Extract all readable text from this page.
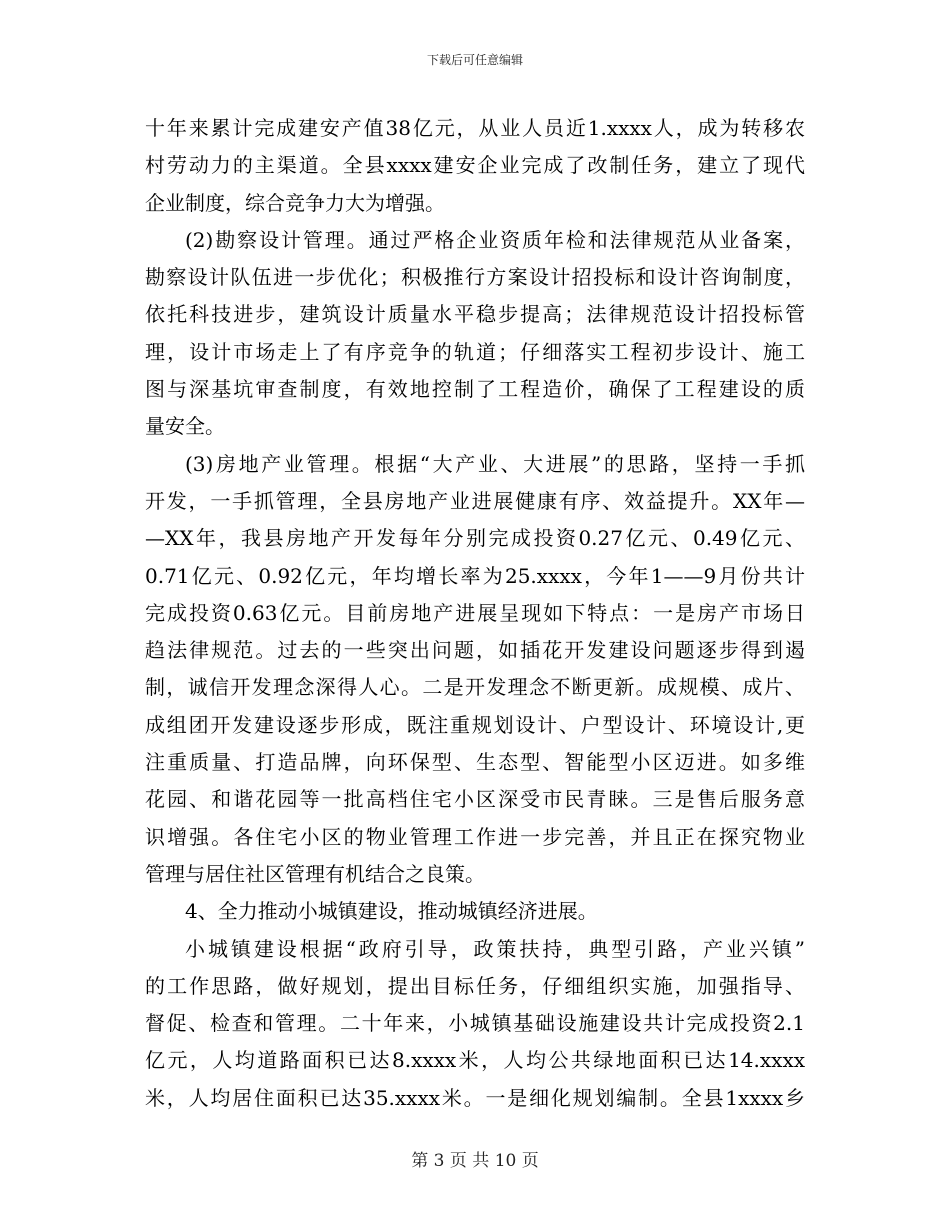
下载后可任意编辑
十年来累计完成建安产值38亿元，从业人员近1.xxxx人，成为转移农
村劳动力的主渠道。全县xxxx建安企业完成了改制任务，建立了现代
企业制度，综合竞争力大为增强。
(2)勘察设计管理。通过严格企业资质年检和法律规范从业备案，
勘察设计队伍进一步优化；积极推行方案设计招投标和设计咨询制度，
依托科技进步，建筑设计质量水平稳步提高；法律规范设计招投标管
理，设计市场走上了有序竞争的轨道；仔细落实工程初步设计、施工
图与深基坑审查制度，有效地控制了工程造价，确保了工程建设的质
量安全。
(3)房地产业管理。根据“大产业、大进展”的思路，坚持一手抓
开发，一手抓管理，全县房地产业进展健康有序、效益提升。XX年—
—XX年，我县房地产开发每年分别完成投资0.27亿元、0.49亿元、
0.71亿元、0.92亿元，年均增长率为25.xxxx，今年1——9月份共计
完成投资0.63亿元。目前房地产进展呈现如下特点：一是房产市场日
趋法律规范。过去的一些突出问题，如插花开发建设问题逐步得到遏
制，诚信开发理念深得人心。二是开发理念不断更新。成规模、成片、
成组团开发建设逐步形成，既注重规划设计、户型设计、环境设计,更
注重质量、打造品牌，向环保型、生态型、智能型小区迈进。如多维
花园、和谐花园等一批高档住宅小区深受市民青睐。三是售后服务意
识增强。各住宅小区的物业管理工作进一步完善，并且正在探究物业
管理与居住社区管理有机结合之良策。
4、全力推动小城镇建设，推动城镇经济进展。
小城镇建设根据“政府引导，政策扶持，典型引路，产业兴镇”
的工作思路，做好规划，提出目标任务，仔细组织实施，加强指导、
督促、检查和管理。二十年来，小城镇基础设施建设共计完成投资2.1
亿元，人均道路面积已达8.xxxx米，人均公共绿地面积已达14.xxxx
米，人均居住面积已达35.xxxx米。一是细化规划编制。全县1xxxx乡
第 3 页 共 10 页
